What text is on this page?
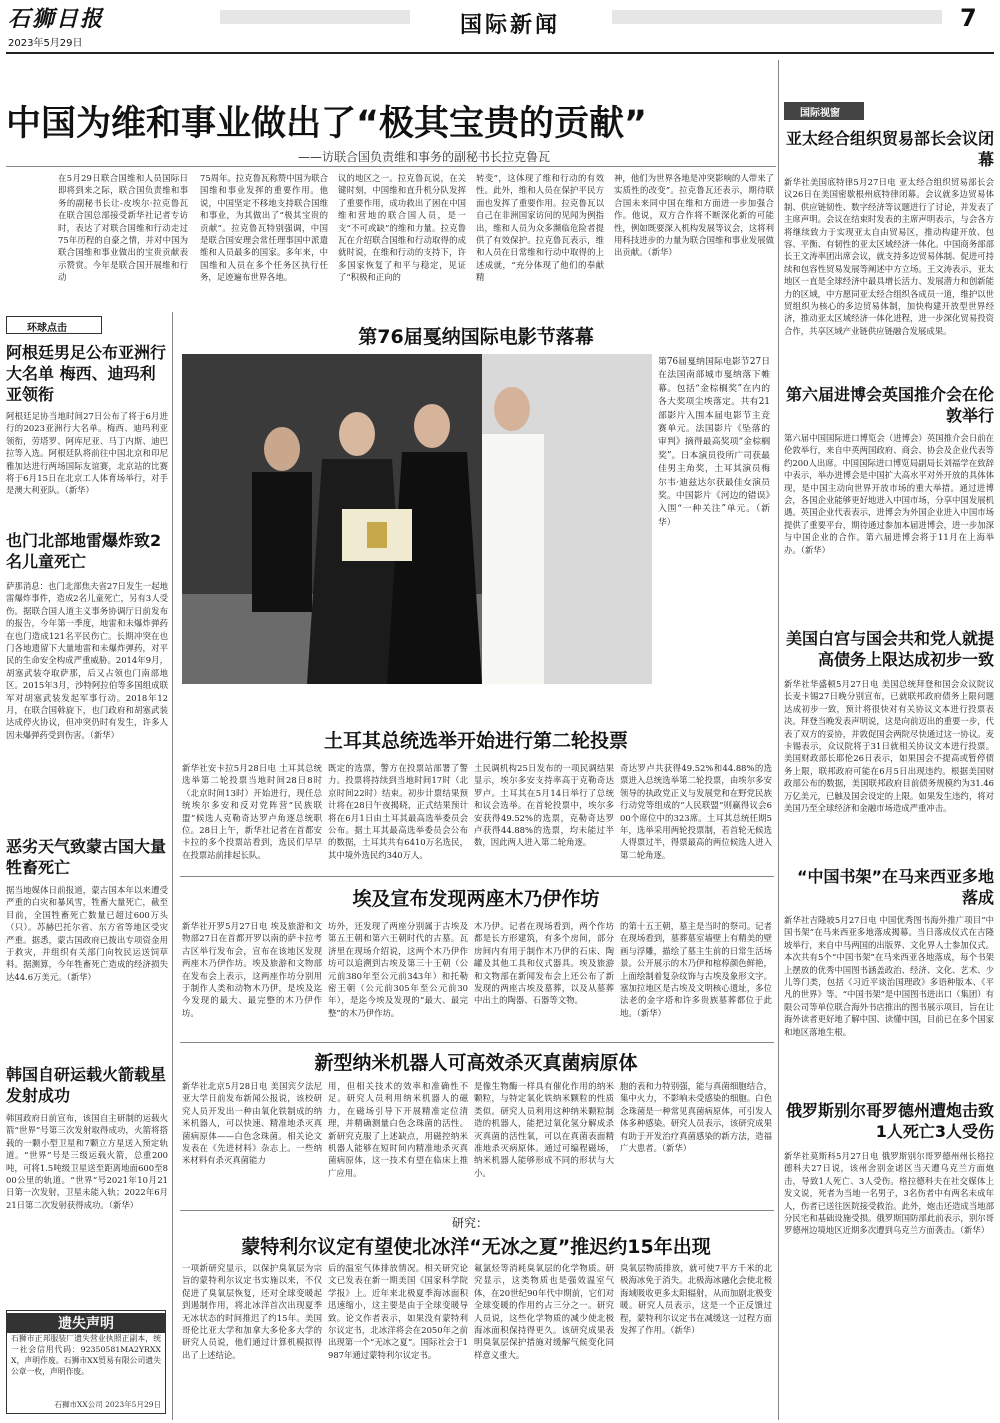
石狮日报
2023年5月29日
国际新闻	7
中国为维和事业做出了“极其宝贵的贡献”
——访联合国负责维和事务的副秘书长拉克鲁瓦
在5月29日联合国维和人员国际日即将到来之际，联合国负责维和事务的副秘书长让-皮埃尔·拉克鲁瓦在联合国总部接受新华社记者专访时，表达了对联合国维和行动走过75年历程的自豪之情，并对中国为联合国维和事业做出的宝贵贡献表示赞赏。今年是联合国开展维和行动
75周年。拉克鲁瓦称赞中国为联合国维和事业发挥的重要作用。他说，中国坚定不移地支持联合国维和事业，为其做出了“极其宝贵的贡献”。拉克鲁瓦特别强调，中国是联合国安理会常任理事国中派遣维和人员最多的国家。多年来，中国维和人员在多个任务区执行任务，足迹遍布世界各地。
议的地区之一。拉克鲁瓦说，在关键时刻，中国维和直升机分队发挥了重要作用，成功救出了困在中国维和营地的联合国人员，是一支“不可或缺”的维和力量。拉克鲁瓦在介绍联合国维和行动取得的成就时说，在维和行动的支持下，许多国家恢复了和平与稳定，见证了“积极和正向的
转变”，这体现了维和行动的有效性。此外，维和人员在保护平民方面也发挥了重要作用。拉克鲁瓦以自己在非洲国家访问的见闻为例指出，维和人员为众多濒临危险者提供了有效保护。拉克鲁瓦表示，维和人员在日常维和行动中取得的上述成就，“充分体现了他们的奉献精
神，他们为世界各地是冲突影响的人带来了实质性的改变”。拉克鲁瓦还表示，期待联合国未来同中国在维和方面进一步加强合作。他说，双方合作将不断深化新的可能性，例如既要深入机构发展等议会，这将利用科技进步的力量为联合国维和事业发展做出贡献。（新华）
环球点击
阿根廷男足公布亚洲行大名单 梅西、迪玛利亚领衔
阿根廷足协当地时间27日公布了将于6月进行的2023亚洲行大名单。梅西、迪玛利亚领衔，劳塔罗、阿库尼亚、马丁内斯、迪巴拉等入选。阿根廷队将前往中国北京和印尼雅加达进行两场国际友谊赛，北京站的比赛将于6月15日在北京工人体育场举行，对手是澳大利亚队。（新华）
也门北部地雷爆炸致2名儿童死亡
萨那消息：也门北部焦夫省27日发生一起地雷爆炸事件，造成2名儿童死亡，另有3人受伤。据联合国人道主义事务协调厅日前发布的报告，今年第一季度，地雷和未爆炸弹药在也门造成121名平民伤亡。长期冲突在也门各地遗留下大量地雷和未爆炸弹药，对平民的生命安全构成严重威胁。2014年9月，胡塞武装夺取萨那，后又占领也门南部地区。2015年3月，沙特阿拉伯等多国组成联军对胡塞武装发起军事行动。2018年12月，在联合国斡旋下，也门政府和胡塞武装达成停火协议，但冲突仍时有发生，许多人因未爆弹药受到伤害。（新华）
恶劣天气致蒙古国大量牲畜死亡
据当地媒体日前报道，蒙古国本年以来遭受严重的白灾和暴风雪，牲畜大量死亡，截至目前，全国牲畜死亡数量已超过600万头（只）。苏赫巴托尔省、东方省等地区受灾严重。据悉，蒙古国政府已拨出专项资金用于救灾，并组织有关部门向牧民运送饲草料。据测算，今年牲畜死亡造成的经济损失达44.6万美元。（新华）
韩国自研运载火箭载星发射成功
韩国政府日前宣布，该国自主研制的运载火箭“世界”号第三次发射取得成功，火箭将搭载的一颗小型卫星和7颗立方星送入预定轨道。“世界”号是三级运载火箭，总重200吨，可将1.5吨级卫星送至距离地面600至800公里的轨道。“世界”号2021年10月21日第一次发射，卫星未能入轨；2022年6月21日第二次发射获得成功。（新华）
遗失声明
石狮市正邦服装厂遗失营业执照正副本，统一社会信用代码：92350581MA2YRXXX，声明作废。石狮市XX贸易有限公司遗失公章一枚，声明作废。
石狮市XX公司 2023年5月29日
第76届戛纳国际电影节落幕
第76届戛纳国际电影节27日在法国南部城市戛纳落下帷幕。包括“金棕榈奖”在内的各大奖项尘埃落定。共有21部影片入围本届电影节主竞赛单元。法国影片《坠落的审判》摘得最高奖项“金棕榈奖”。日本演员役所广司获最佳男主角奖，土耳其演员梅尔韦·迪兹达尔获最佳女演员奖。中国影片《河边的错误》入围“一种关注”单元。（新华）
土耳其总统选举开始进行第二轮投票
新华社安卡拉5月28日电 土耳其总统选举第二轮投票当地时间28日8时（北京时间13时）开始进行，现任总统埃尔多安和反对党阵营“民族联盟”候选人克勒奇达罗卢角逐总统职位。28日上午，新华社记者在首都安卡拉的多个投票站看到，选民们早早在投票站前排起长队。
既定的选票，警方在投票站部署了警力。投票将持续到当地时间17时（北京时间22时）结束。初步计票结果预计将在28日午夜揭晓，正式结果预计将在6月1日由土耳其最高选举委员会公布。据土耳其最高选举委员会公布的数据，土耳其共有6410万名选民，其中境外选民约340万人。
土民调机构25日发布的一项民调结果显示，埃尔多安支持率高于克勒奇达罗卢。土耳其在5月14日举行了总统和议会选举。在首轮投票中，埃尔多安获得49.52%的选票，克勒奇达罗卢获得44.88%的选票，均未能过半数，因此两人进入第二轮角逐。
奇达罗卢共获得49.52%和44.88%的选票进入总统选举第二轮投票，由埃尔多安领导的执政党正义与发展党和在野党民族行动党等组成的“人民联盟”则赢得议会600个席位中的323席。土耳其总统任期5年，选举采用两轮投票制，若首轮无候选人得票过半，得票最高的两位候选人进入第二轮角逐。
埃及宣布发现两座木乃伊作坊
新华社开罗5月27日电 埃及旅游和文物部27日在首都开罗以南的萨卡拉考古区举行发布会，宣布在该地区发现两座木乃伊作坊。埃及旅游和文物部在发布会上表示，这两座作坊分别用于制作人类和动物木乃伊，是埃及迄今发现的最大、最完整的木乃伊作坊。
坊外，还发现了两座分别属于古埃及第五王朝和第六王朝时代的古墓。瓦济里在现场介绍说，这两个木乃伊作坊可以追溯到古埃及第三十王朝（公元前380年至公元前343年）和托勒密王朝（公元前305年至公元前30年），是迄今埃及发现的“最大、最完整”的木乃伊作坊。
木乃伊。记者在现场看到，两个作坊都是长方形建筑，有多个房间，部分房间内有用于制作木乃伊的石床、陶罐及其他工具和仪式器具。埃及旅游和文物部在新闻发布会上还公布了新发现的两座古埃及墓葬，以及从墓葬中出土的陶器、石器等文物。
的第十五王朝，墓主是当时的祭司。记者在现场看到，墓葬墓室墙壁上有精美的壁画与浮雕，描绘了墓主生前的日常生活场景。公开展示的木乃伊和棺椁颜色鲜艳，上面绘制着复杂纹饰与古埃及象形文字。塞加拉地区是古埃及文明核心遗址，多位法老的金字塔和许多贵族墓葬都位于此地。（新华）
新型纳米机器人可高效杀灭真菌病原体
新华社北京5月28日电 美国宾夕法尼亚大学日前发布新闻公报说，该校研究人员开发出一种由氧化铁制成的纳米机器人，可以快速、精准地杀灭真菌病原体——白色念珠菌。相关论文发表在《先进材料》杂志上。一些纳米材料有杀灭真菌能力
用，但相关技术的效率和准确性不足。研究人员利用纳米机器人的磁力，在磁场引导下开展精准定位清理，并精确测量白色念珠菌的活性。新研究克服了上述缺点，用磁控纳米机器人能够在短时间内精准地杀灭真菌病原体，这一技术有望在临床上推广应用。
是像生物酶一样具有催化作用的纳米颗粒，与特定氧化铁纳米颗粒的性质类似。研究人员利用这种纳米颗粒制造的机器人，能把过氧化氢分解成杀灭真菌的活性氧，可以在真菌表面精准地杀灭病原体。通过可编程磁场，纳米机器人能够形成不同的形状与大小。
胞的表和力特别强，能与真菌细胞结合，集中火力，不影响未受感染的细胞。白色念珠菌是一种常见真菌病原体，可引发人体多种感染。研究人员表示，该研究成果有助于开发治疗真菌感染的新方法，造福广大患者。（新华）
研究：
蒙特利尔议定有望使北冰洋“无冰之夏”推迟约15年出现
一项新研究显示，以保护臭氧层为宗旨的蒙特利尔议定书实施以来，不仅促进了臭氧层恢复，还对全球变暖起到遏制作用，将北冰洋首次出现夏季无冰状态的时间推迟了约15年。美国哥伦比亚大学和加拿大多伦多大学的研究人员说，他们通过计算机模拟得出了上述结论。
后的温室气体排放情况。相关研究论文已发表在新一期美国《国家科学院学报》上。近年来北极夏季海冰面积迅速缩小，这主要是由于全球变暖导致。论文作者表示，如果没有蒙特利尔议定书，北冰洋将会在2050年之前出现第一个“无冰之夏”。国际社会于1987年通过蒙特利尔议定书。
氟氯烃等消耗臭氧层的化学物质。研究显示，这类物质也是强效温室气体，在20世纪90年代中期前，它们对全球变暖的作用约占三分之一。研究人员说，这些化学物质的减少使北极海冰面积保持得更久。该研究成果表明臭氧层保护措施对缓解气候变化同样意义重大。
臭氧层物质排放，就可使7平方千米的北极海冰免于消失。北极海冰融化会使北极海域吸收更多太阳辐射，从而加剧北极变暖。研究人员表示，这是一个正反馈过程，蒙特利尔议定书在减缓这一过程方面发挥了作用。（新华）
国际视窗
亚太经合组织贸易部长会议闭幕
新华社美国底特律5月27日电 亚太经合组织贸易部长会议26日在美国密歇根州底特律闭幕。会议就多边贸易体制、供应链韧性、数字经济等议题进行了讨论，并发表了主席声明。会议在结束时发表的主席声明表示，与会各方将继续致力于实现亚太自由贸易区，推动构建开放、包容、平衡、有韧性的亚太区域经济一体化。中国商务部部长王文涛率团出席会议，就支持多边贸易体制、促进可持续和包容性贸易发展等阐述中方立场。王文涛表示，亚太地区一直是全球经济中最具增长活力、发展潜力和创新能力的区域，中方愿同亚太经合组织各成员一道，维护以世贸组织为核心的多边贸易体制，加快构建开放型世界经济，推动亚太区域经济一体化进程，进一步深化贸易投资合作，共享区域产业链供应链融合发展成果。
第六届进博会英国推介会在伦敦举行
第六届中国国际进口博览会（进博会）英国推介会日前在伦敦举行，来自中英两国政府、商会、协会及企业代表等约200人出席。中国国际进口博览局副局长刘福学在致辞中表示，举办进博会是中国扩大高水平对外开放的具体体现，是中国主动向世界开放市场的重大举措。通过进博会，各国企业能够更好地进入中国市场，分享中国发展机遇。英国企业代表表示，进博会为外国企业进入中国市场提供了重要平台，期待通过参加本届进博会，进一步加深与中国企业的合作。第六届进博会将于11月在上海举办。（新华）
美国白宫与国会共和党人就提高债务上限达成初步一致
新华社华盛顿5月27日电 美国总统拜登和国会众议院议长麦卡锡27日晚分别宣布，已就联邦政府债务上限问题达成初步一致，预计将很快对有关协议文本进行投票表决。拜登当晚发表声明说，这是向前迈出的重要一步，代表了双方的妥协，并敦促国会两院尽快通过这一协议。麦卡锡表示，众议院将于31日就相关协议文本进行投票。美国财政部长耶伦26日表示，如果国会不提高或暂停债务上限，联邦政府可能在6月5日出现违约。根据美国财政部公布的数据，美国联邦政府目前债务规模约为31.46万亿美元，已触及国会设定的上限。如果发生违约，将对美国乃至全球经济和金融市场造成严重冲击。
“中国书架”在马来西亚多地落成
新华社吉隆坡5月27日电 中国优秀图书海外推广项目“中国书架”在马来西亚多地落成揭幕。当日落成仪式在吉隆坡举行，来自中马两国的出版界、文化界人士参加仪式。本次共有5个“中国书架”在马来西亚各地落成，每个书架上摆放的优秀中国图书涵盖政治、经济、文化、艺术、少儿等门类，包括《习近平谈治国理政》多语种版本、《平凡的世界》等。“中国书架”是中国图书进出口（集团）有限公司等单位联合海外书店推出的图书展示项目，旨在让海外读者更好地了解中国、读懂中国，目前已在多个国家和地区落地生根。
俄罗斯别尔哥罗德州遭炮击致1人死亡3人受伤
新华社莫斯科5月27日电 俄罗斯别尔哥罗德州州长格拉德科夫27日说，该州舍别金诺区当天遭乌克兰方面炮击，导致1人死亡、3人受伤。格拉德科夫在社交媒体上发文说，死者为当地一名男子，3名伤者中有两名未成年人，伤者已送往医院接受救治。此外，炮击还造成当地部分民宅和基础设施受损。俄罗斯国防部此前表示，别尔哥罗德州边境地区近期多次遭到乌克兰方面袭击。（新华）
